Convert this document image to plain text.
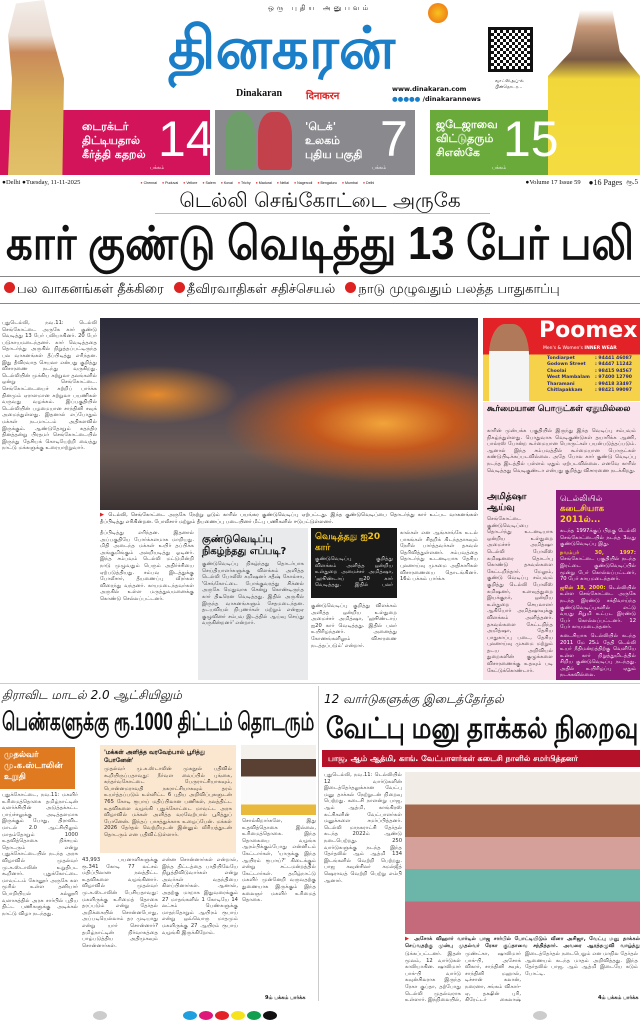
ஒரு புதிய அனுபவம்
தினகரன்
Dinakaran दिनाकरन
www.dinakaran.com
●●●●● /dinakarannews
வாட்ஸ்அப்-ல் பின்தொடர...
டைரக்டர் திட்டியதால் கீர்த்தி கதறல் 14
பக்கம்
'டெக்' உலகம் புதிய பகுதி 7
பக்கம்
ஜடேஜாவை விட்டுதரும் சிஎஸ்கே 15
பக்கம்
●Delhi ● Tuesday, 11-11-2025	● Chennai ● Puduvai ● Vellore ● Salem ● Kovai ● Trichy ● Madurai ● Nellai ● Nagercoil ● Bengaluru ● Mumbai ● Delhi	●Volume 17 Issue 59 ●16 Pages ரூ.5
டெல்லி செங்கோட்டை அருகே
கார் குண்டு வெடித்து 13 பேர் பலி
பல வாகனங்கள் தீக்கிரை தீவிரவாதிகள் சதிச்செயல் நாடு முழுவதும் பலத்த பாதுகாப்பு
புதுடெல்லி, நவ.11: டெல்லி செங்கோட்டை அருகே கார் குண்டு வெடித்து 13 பேர் பலியாகினர். 20 பேர் படுகாயமடைந்தனர். கார் வெடித்ததை தொடர்ந்து அருகில் நிறுத்தப்பட்டிருந்த பல வாகனங்கள் தீப்பிடித்து எரிந்தன. இது தீவிரவாத செயலா என்பது குறித்து விசாரணை நடந்து வருகிறது. டெல்லியின் முக்கிய சுற்றுலா தலங்களில் ஒன்று செங்கோட்டை. செங்கோட்டையைச் சுற்றிப் பார்க்க தினமும் ஏராளமான சுற்றுலா பயணிகள் வருவது வழக்கம். இப்பகுதியில் டெல்லியின் பழமையான சாந்தினி சவுக் அமைந்துள்ளது. இதனால் எப்போதும் மக்கள் நடமாட்டம் அதிகளவில் இருக்கும். ஆண்டுதோறும் சுதந்திர தினத்தன்று பிரதமர் செங்கோட்டையில் இருந்து தேசியக் கொடியேற்றி வைத்து நாட்டு மக்களுக்கு உரையாற்றுவார்.
▶ டெல்லி, செங்கோட்டை அருகே நேற்று ஓடும் காரில் பயங்கர குண்டுவெடிப்பு ஏற்பட்டது. இந்த குண்டுவெடிப்பை தொடர்ந்து கார் உட்பட வாகனங்கள் தீப்பிடித்து எரிகின்றன. போலீசார் மற்றும் தீயணைப்பு படையினர் மீட்பு பணிகளில் ஈடுபட்டுள்ளனர்.
தீப்பிடித்து எரிந்தன. இதனால் அப்பகுதியே போர்க்களமாக மாறியது. மிதி அடைந்த மக்கள் உயிர் தப்பிக்க அங்குமிங்கும் அலறியடித்து ஓடினர். இந்த சம்பவம் டெல்லி மட்டுமின்றி நாடு முழுவதும் பெரும் அதிர்ச்சியை ஏற்படுத்தியது. சம்பவ இடத்துக்கு போலீசார், தீயணைப்பு வீரர்கள் விரைந்து வந்தனர். காயமடைந்தவர்கள் அருகில் உள்ள மருத்துவமனைக்கு கொண்டு செல்லப்பட்டனர்.
குண்டுவெடிப்பு நிகழ்ந்தது எப்படி?
குண்டுவெடிப்பு நிகழ்ந்தது தொடர்பாக செய்தியாளர்களுக்கு விளக்கம் அளித்த டெல்லி போலீஸ் கமிஷனர் சதீஷ் கோல்சா, 'செங்கோட்டை போக்குவரத்து சிக்னல் அருகே மெதுவாக சென்று கொண்டிருந்த கார் திடீரென வெடித்தது. இதில் அருகில் இருந்த வாகனங்களும் சேதமடைந்தன. தடயவியல் நிபுணர்கள் மற்றும் என்ஐஏ குழுவினர் சம்பவ இடத்தில் ஆய்வு செய்து வருகின்றனர்' என்றார்.
வெடித்தது ஐ20 கார்
குண்டுவெடிப்பு குறித்து விளக்கம் அளித்த ஒன்றிய உள்துறை அமைச்சர் அமித்ஷா, 'ஹூண்டாய் ஐ20 கார் வெடித்தது. இதில் பலர்
குண்டுவெடிப்பு குறித்து விளக்கம் அளித்த ஒன்றிய உள்துறை அமைச்சர் அமித்ஷா, 'ஹூண்டாய் ஐ20 கார் வெடித்தது. இதில் பலர் உயிரிழந்தனர். அனைத்து கோணங்களிலும் விசாரணை நடத்தப்படும்' என்றார்.
கால்கள் என ஆங்காங்கே உடல் பாகங்கள் சிதறிக் கிடந்ததாகவும் நேரில் பார்த்தவர்கள் தகவல் தெரிவித்துள்ளனர். சம்பவத்தை தொடர்ந்து உடனடியாக தேசிய புலனாய்வு முகமை அதிகாரிகள் விசாரணையை தொடங்கினர். 16ம் பக்கம் பார்க்க
Poomex
Men's & Women's INNER WEAR
Tondiarpet	: 94441 46087
Godown Street	: 94447 11242
Choolai	: 98415 94567
West Mambalam	: 97400 12790
Tharamani	: 99418 33497
Chitlapakkam	: 98421 99097
கூர்மையான பொருட்கள் ஏதுமில்லை
காரின் முன்பக்க பகுதியில் இருந்து இந்த வெடிப்பு சம்பவம் நிகழ்ந்துள்ளது. பொதுவாக வெடிகுண்டுகள் தயாரிக்க ஆணி, பால்ரஸ் போன்ற கூர்மையான பொருட்கள் பயன்படுத்தப்படும். ஆனால் இந்த சம்பவத்தில் கூர்மையான பொருட்கள் கண்டுபிடிக்கப்படவில்லை. அதே போல கார் குண்டு வெடிப்பு நடந்த இடத்தில் பள்ளம் ஏதும் ஏற்படவில்லை. எனவே காரில் வெடித்தது வெடிகுண்டா என்பது குறித்து விசாரணை நடக்கிறது.
அமித்ஷா ஆய்வு
செங்கோட்டை குண்டுவெடிப்பை தொடர்ந்து உடனடியாக ஒன்றிய உள்துறை அமைச்சர் அமித்ஷா டெல்லி போலீஸ் கமிஷனரை தொடர்பு கொண்டு தகவல்களை கேட்டறிந்தார். மேலும், குண்டு வெடிப்பு சம்பவம் குறித்து டெல்லி போலீஸ் கமிஷனர், உளவுத்துறை இயக்குநர், ஒன்றிய உள்துறை செயலாளர் ஆகியோர் அமித்ஷாவுக்கு விளக்கம் அளித்தனர். தகவல்களை கேட்டறிந்த அமித்ஷா, தேசிய பாதுகாப்பு படை, தேசிய புலனாய்வு முகமை மற்றும் தடய அறிவியல் துறைகளின் குழுக்களை விசாரணைக்கு உதவும் படி கேட்டுக்கொண்டார்.
டெல்லியில்
கடைசியாக 2011ல்...
கடந்த 1997க்குப் பிறகு டெல்லி செங்கோட்டையில் நடந்த 3வது குண்டுவெடிப்பு இது.
நவம்பர் 30, 1997: செங்கோட்டை பகுதியில் நடந்த இரட்டை குண்டுவெடிப்பில் மூன்று பேர் கொல்லப்பட்டனர், 70 பேர் காயமடைந்தனர்.
ஜூன் 18, 2000: டெல்லியில் உள்ள செங்கோட்டை அருகே நடந்த இரண்டு சக்திவாய்ந்த குண்டுவெடிப்புகளில் எட்டு வயது சிறுமி உட்பட இரண்டு பேர் கொல்லப்பட்டனர். 12 பேர் காயமடைந்தனர்.
கடைசியாக டெல்லியில் கடந்த 2011 மே 25ம் தேதி டெல்லி உயர் நீதிமன்றத்திற்கு வெளியே உள்ள கார் நிறுத்துமிடத்தில் சிறிய குண்டுவெடிப்பு நடந்தது. அதில் உயிரிழப்பு ஏதும் நடக்கவில்லை.
திராவிட மாடல் 2.0 ஆட்சியிலும்
பெண்களுக்கு ரூ.1000 திட்டம் தொடரும்
முதல்வர் மு.க.ஸ்டாலின் உறுதி
'மக்கள் அளித்த வரவேற்பால் பூரித்து போனேன்'
முதல்வர் மு.க.ஸ்டாலின் முகநூல் பதிவில் கூறியிருப்பதாவது: நீர்வள வைப்பில் புங்கை, கந்தர்வகோட்டை பேருராட்சியாகவும், பொன்னமராவதி நகராட்சியாகவும் தரம் உயர்த்தப்படும் உள்ளிட்ட 6 புதிய அறிவிப்புகளுடன் 765 கோடி ரூபாய் மதிப்பிலான பணிகள், நலத்திட்ட உதவிகளை வழங்கி புதுக்கோட்டை மாவட்ட அரசு விழாவில் மக்கள் அளித்த வரவேற்பால் பூரித்துப் போனேன். இந்தப் பாசத்துக்காக உழைப்பேன். மக்கள் 2026 தேர்தல் வெற்றியுடன் இன்னும் வீரியத்துடன் தொடரும் என பதிவிட்டுள்ளார்.
புதுக்கோட்டை, நவ.11: மகளிர் உரிமைத்தொகை தமிழ்நாட்டின் வளர்ச்சியின் அடுத்தக்கட்ட பாய்ச்சலுக்கு அடித்தளமாக இருக்கும் போது, திராவிட மாடல் 2.0 ஆட்சியிலும் மாதம்தோறும் 1000 உதவித்தொகை நிச்சயம் தொடரும் என்று புதுக்கோட்டையில் நடந்த அரசு விழாவில் முதல்வர் மு.க.ஸ்டாலின் உறுதிபட கூறினார். புதுக்கோட்டை மாவட்டம் கோனூர் அருகே கள மூரில் உள்ள தனியார் பொறியியல் கல்லூரி வளாகத்தில் அரசு சார்பில் புதிய திட்ட பணிகளுக்கு அடிக்கல் நாட்டு விழா நடந்தது.
43,993 பயனாளிகளுக்கு ரூ.341 கோடி 77 லட்சம் மதிப்பிலான நலத்திட்ட உதவிகளை வழங்கினார். விழாவில் முதல்வர் மு.க.ஸ்டாலின் பேசியதாவது: மகளிருக்கு உரிமைத் தொகை தரப்படும் என்று தேர்தல் அறிக்கையில் சொன்னபோது, அப்படியெல்லாம் தர முடியாது என்று யார் சொன்னார்? தமிழ்நாட்டின் நிர்வாகத்தை பாழ்படுத்திய அதிமுகவும் சொன்னார்கள்.
என்ன சொன்னார்கள் என்றால், இந்த திட்டத்தை பாதியிலேயே நிறுத்திவிடுவார்கள் என்று அவர்கள் வதந்தியை கிளப்பினார்கள். ஆனால், அதற்கு மாறாக இதுவரைக்கும் 27 மாதங்களில் 1 கோடியே 14 லட்சம் பெண்களுக்கு மாதந்தோறும் ஆயிரம் ரூபாய் என்று ஒவ்வொரு மாதமும் மகளிருக்கு 27 ஆயிரம் ரூபாய் வழங்கி இருக்கிறோம்.
சொல்கிறார்களே, இது உதவித்தொகை இல்லை, உரிமைத்தொகை. இந்த தொகையை வழங்க ஆரம்பிக்கும்போது என்னிடம் கேட்டார்கள், 'யாருக்கு இந்த ஆயிரம் ரூபாய்?' கிடைக்கும் என்று சட்டமன்றத்தில் கேட்டார்கள். தமிழ்நாட்டு மகளிர் முன்னேறி வருவதற்கு துணையாக இருக்கும் இந்த கலைஞர் மகளிர் உரிமைத் தொகை.
9ம் பக்கம் பார்க்க
12 வார்டுகளுக்கு இடைத்தேர்தல்
வேட்பு மனு தாக்கல் நிறைவு
பாஜ, ஆம் ஆத்மி, காங். வேட்பாளர்கள் கடைசி நாளில் சமர்பித்தனர்
புதுடெல்லி, நவ.11: டெல்லியில் 12 வார்டுகளின் இடைத்தேர்தலுக்கான வேட்பு மனு தாக்கல் நேற்றுடன் நிறைவு பெற்றது. கடைசி நாளன்று பாஜ, ஆம் ஆத்மி, காங்கிரஸ் கட்சிகளின் வேட்பாளர்கள் மனுக்களை சமர்ப்பித்தனர். டெல்லி மாநகராட்சி தேர்தல் கடந்த 2022ம் ஆண்டு நடைபெற்றது. 250 வார்டுகளுக்கு நடந்த இந்த தேர்தலில் ஆம் ஆத்மி 134 இடங்களில் வெற்றி பெற்றது. பாஜ கவுன்சிலர் கமல்ஜீத் ஷெராவத் வெற்றி பெற்று எம்பி ஆனார்.
▶ அசோக் விஹார் வார்டில் பாஜ சார்பில் போட்டியிடும் வீனா அசிஜா, வேட்பு மனு தாக்கல் செய்வதற்கு முன்பு முதல்வர் ரேகா குப்தாவை சந்தித்தார். அவரை ஆரத்தழுவி வாழ்த்து
டுக்கப்பட்டனர். இதன் மூலம், 12 வார்டுகள் காலியாகின. ஷாலிமார் பாக்-பி வார்டு கவுன்சிலராக இருந்த ரேகா குப்தா, தற்போது டெல்லி முதல்வராக உள்ளார். இந்நிலையில்,
முண்ட்கா, ஷாலிமார் பாக்-பி, அசோக் விகார், சாந்தினி சவுக், சாந்தினி மஹால், டிச்சான் கலான், நரைனா, சங்கம் விகார்-ஏ, தக்ஷின் புரி, கிரேட்டர் கைலாஷ்
இடைத்தேர்தல் நடைபெறும் என மாநில தேர்தல் ஆணையம் கடந்த மாதம் அறிவித்தது. இந்த தேர்தலில் பாஜ, ஆம் ஆத்மி இடையே கடும் போட்டி.
4ம் பக்கம் பார்க்க
